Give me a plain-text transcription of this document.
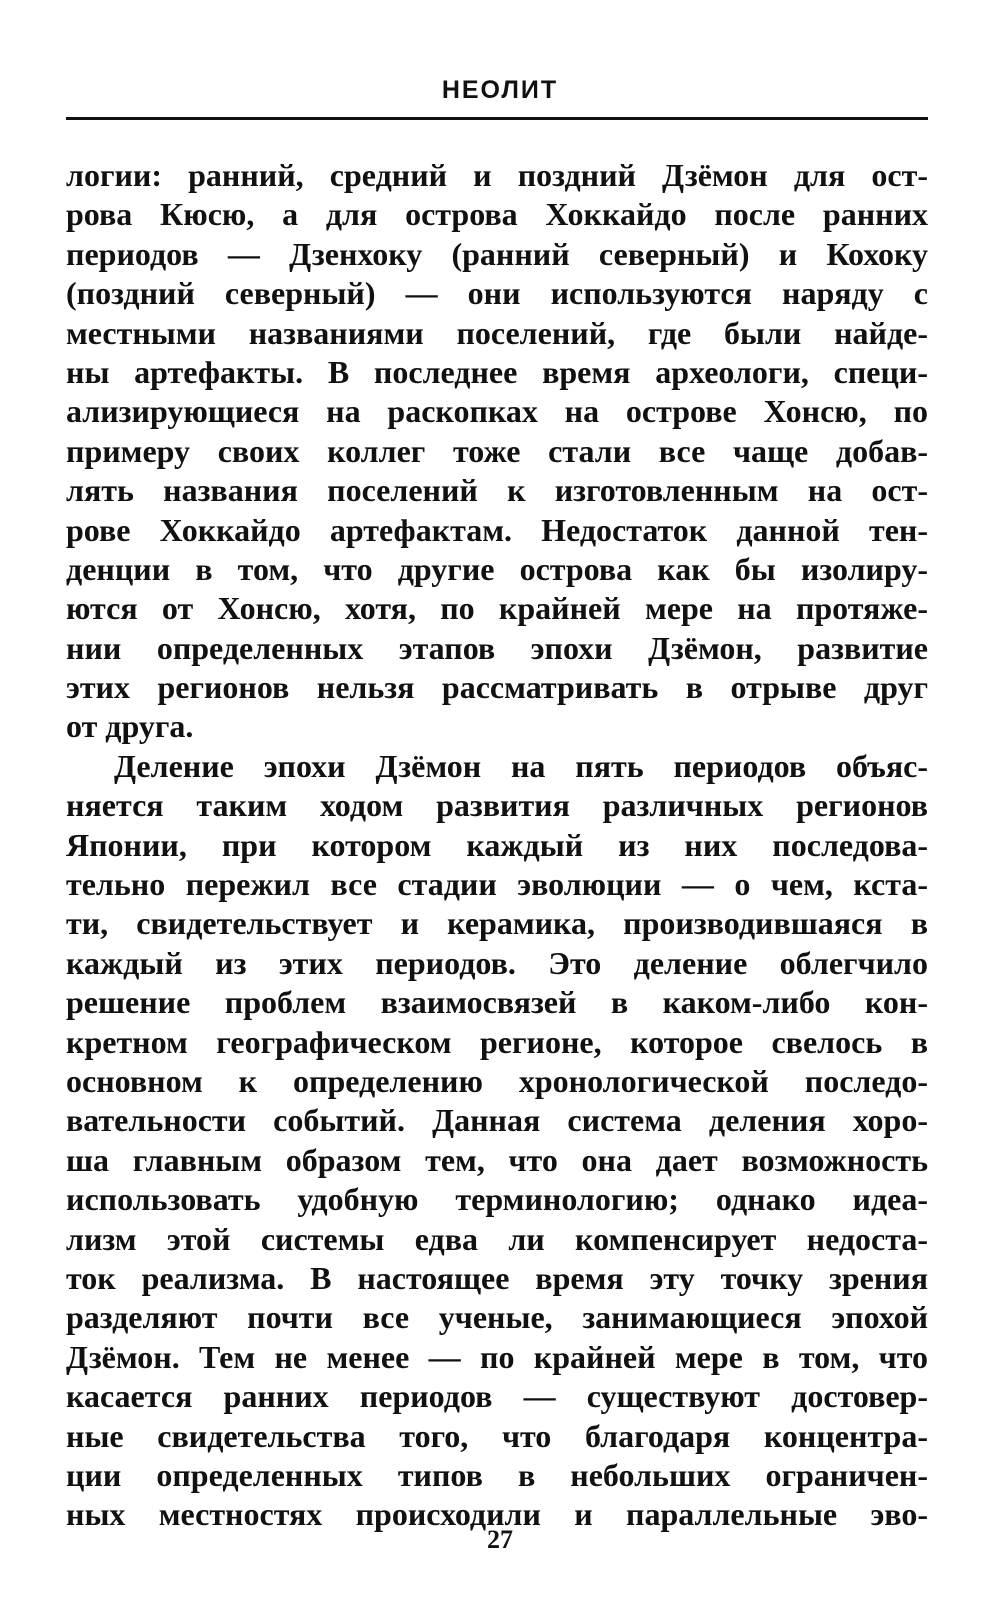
НЕОЛИТ
логии: ранний, средний и поздний Дзёмон для ост-
рова Кюсю, а для острова Хоккайдо после ранних
периодов — Дзенхоку (ранний северный) и Кохоку
(поздний северный) — они используются наряду с
местными названиями поселений, где были найде-
ны артефакты. В последнее время археологи, специ-
ализирующиеся на раскопках на острове Хонсю, по
примеру своих коллег тоже стали все чаще добав-
лять названия поселений к изготовленным на ост-
рове Хоккайдо артефактам. Недостаток данной тен-
денции в том, что другие острова как бы изолиру-
ются от Хонсю, хотя, по крайней мере на протяже-
нии определенных этапов эпохи Дзёмон, развитие
этих регионов нельзя рассматривать в отрыве друг
от друга.
Деление эпохи Дзёмон на пять периодов объяс-
няется таким ходом развития различных регионов
Японии, при котором каждый из них последова-
тельно пережил все стадии эволюции — о чем, кста-
ти, свидетельствует и керамика, производившаяся в
каждый из этих периодов. Это деление облегчило
решение проблем взаимосвязей в каком-либо кон-
кретном географическом регионе, которое свелось в
основном к определению хронологической последо-
вательности событий. Данная система деления хоро-
ша главным образом тем, что она дает возможность
использовать удобную терминологию; однако идеа-
лизм этой системы едва ли компенсирует недоста-
ток реализма. В настоящее время эту точку зрения
разделяют почти все ученые, занимающиеся эпохой
Дзёмон. Тем не менее — по крайней мере в том, что
касается ранних периодов — существуют достовер-
ные свидетельства того, что благодаря концентра-
ции определенных типов в небольших ограничен-
ных местностях происходили и параллельные эво-
27
